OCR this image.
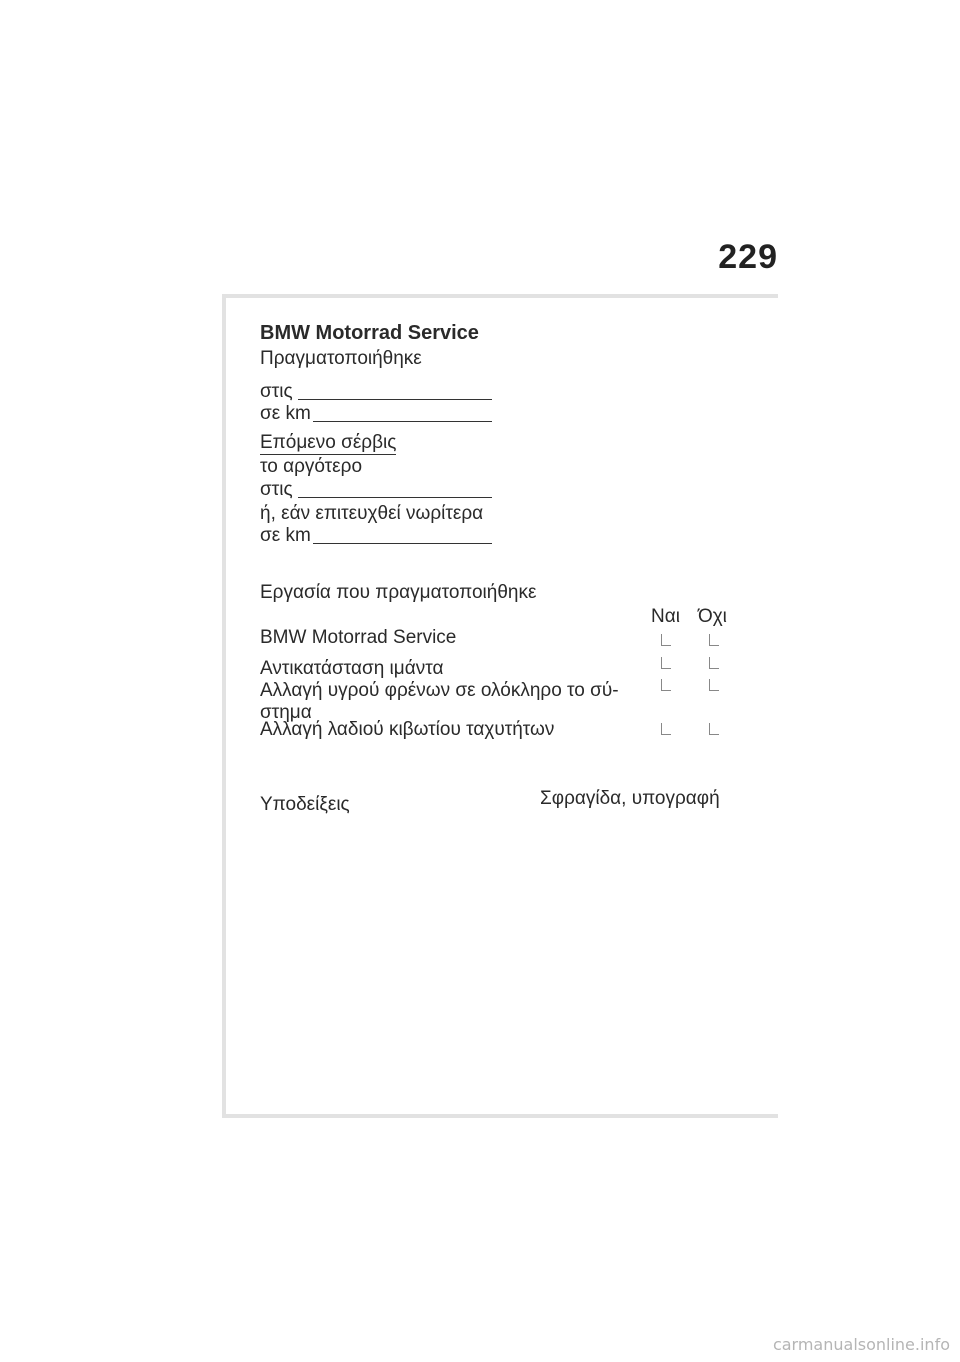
229
BMW Motorrad Service
Πραγματοποιήθηκε
στις
σε km
Επόμενο σέρβις
το αργότερο
στις
ή, εάν επιτευχθεί νωρίτερα
σε km
Εργασία που πραγματοποιήθηκε
Ναι Όχι
BMW Motorrad Service
Αντικατάσταση ιμάντα
Αλλαγή υγρού φρένων σε ολόκληρο το σύ-
στημα
Αλλαγή λαδιού κιβωτίου ταχυτήτων
Υποδείξεις	Σφραγίδα, υπογραφή
carmanualsonline.info
